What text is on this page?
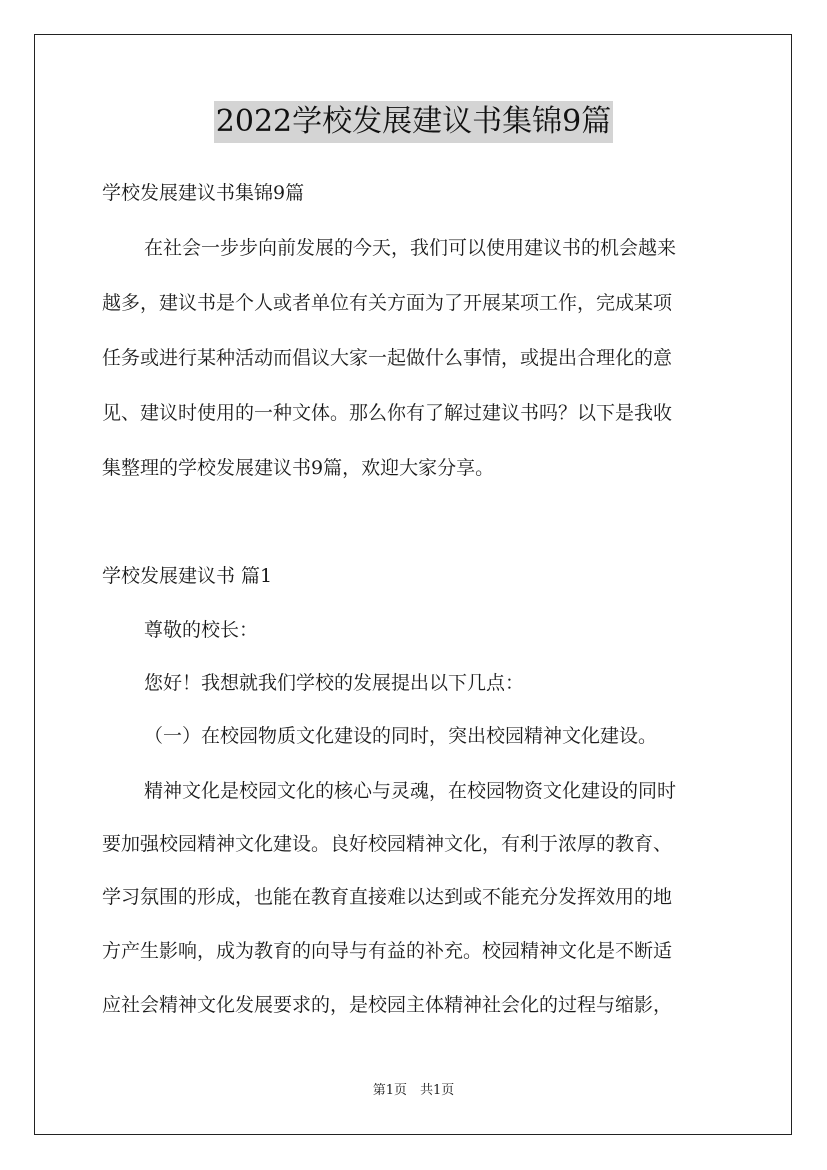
2022学校发展建议书集锦9篇
学校发展建议书集锦9篇
在社会一步步向前发展的今天，我们可以使用建议书的机会越来
越多，建议书是个人或者单位有关方面为了开展某项工作，完成某项
任务或进行某种活动而倡议大家一起做什么事情，或提出合理化的意
见、建议时使用的一种文体。那么你有了解过建议书吗？以下是我收
集整理的学校发展建议书9篇，欢迎大家分享。
学校发展建议书 篇1
尊敬的校长：
您好！我想就我们学校的发展提出以下几点：
（一）在校园物质文化建设的同时，突出校园精神文化建设。
精神文化是校园文化的核心与灵魂，在校园物资文化建设的同时
要加强校园精神文化建设。良好校园精神文化，有利于浓厚的教育、
学习氛围的形成，也能在教育直接难以达到或不能充分发挥效用的地
方产生影响，成为教育的向导与有益的补充。校园精神文化是不断适
应社会精神文化发展要求的，是校园主体精神社会化的过程与缩影，
第1页　共1页
